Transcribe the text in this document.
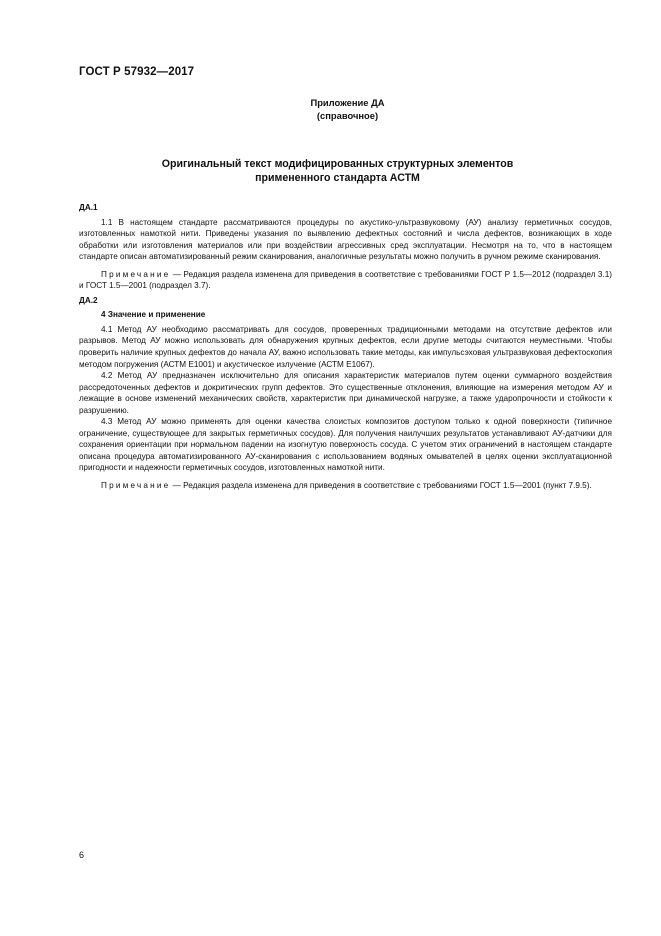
ГОСТ Р 57932—2017
Приложение ДА
(справочное)
Оригинальный текст модифицированных структурных элементов
примененного стандарта АСТМ

ДА.1

1.1 В настоящем стандарте рассматриваются процедуры по акустико-ультразвуковому (АУ) анализу герметичных сосудов, изготовленных намоткой нити. Приведены указания по выявлению дефектных состояний и числа дефектов, возникающих в ходе обработки или изготовления материалов или при воздействии агрессивных сред эксплуатации. Несмотря на то, что в настоящем стандарте описан автоматизированный режим сканирования, аналогичные результаты можно получить в ручном режиме сканирования.

Примечание — Редакция раздела изменена для приведения в соответствие с требованиями ГОСТ Р 1.5—2012 (подраздел 3.1) и ГОСТ 1.5—2001 (подраздел 3.7).

ДА.2

4 Значение и применение

4.1 Метод АУ необходимо рассматривать для сосудов, проверенных традиционными методами на отсутствие дефектов или разрывов. Метод АУ можно использовать для обнаружения крупных дефектов, если другие методы считаются неуместными. Чтобы проверить наличие крупных дефектов до начала АУ, важно использовать такие методы, как импульсэховая ультразвуковая дефектоскопия методом погружения (АСТМ Е1001) и акустическое излучение (АСТМ Е1067).

4.2 Метод АУ предназначен исключительно для описания характеристик материалов путем оценки суммарного воздействия рассредоточенных дефектов и докритических групп дефектов. Это существенные отклонения, влияющие на измерения методом АУ и лежащие в основе изменений механических свойств, характеристик при динамической нагрузке, а также ударопрочности и стойкости к разрушению.

4.3 Метод АУ можно применять для оценки качества слоистых композитов доступом только к одной поверхности (типичное ограничение, существующее для закрытых герметичных сосудов). Для получения наилучших результатов устанавливают АУ-датчики для сохранения ориентации при нормальном падении на изогнутую поверхность сосуда. С учетом этих ограничений в настоящем стандарте описана процедура автоматизированного АУ-сканирования с использованием водяных омывателей в целях оценки эксплуатационной пригодности и надежности герметичных сосудов, изготовленных намоткой нити.

Примечание — Редакция раздела изменена для приведения в соответствие с требованиями ГОСТ 1.5—2001 (пункт 7.9.5).

6
